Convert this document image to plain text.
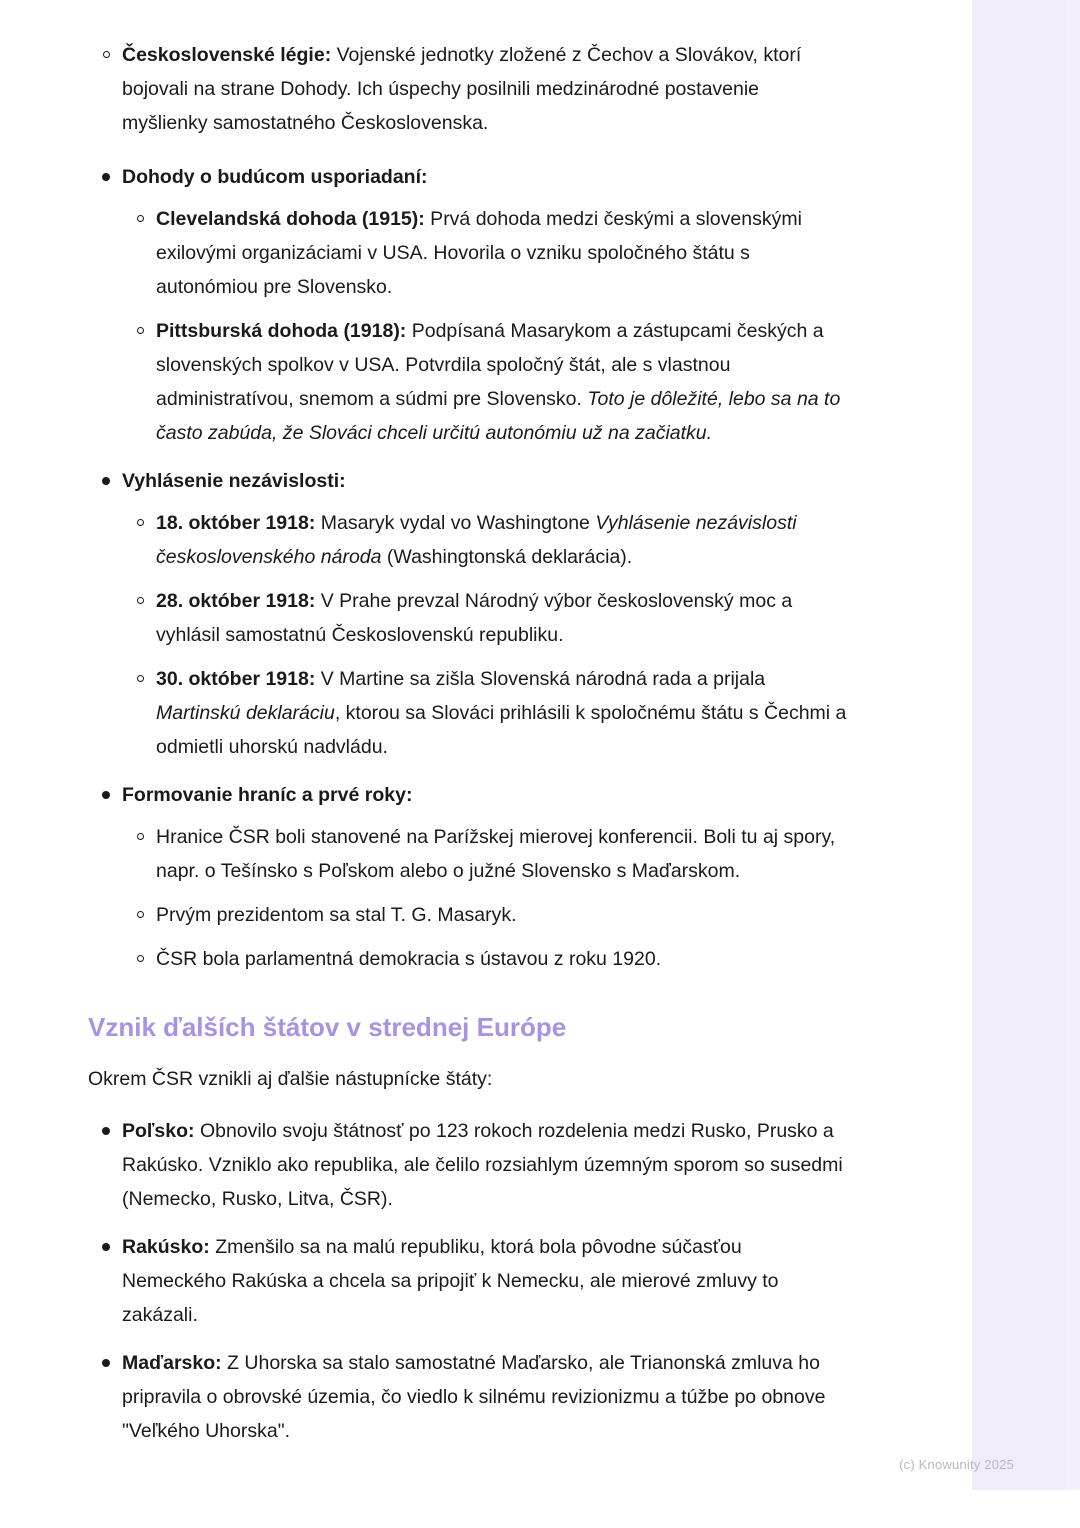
Československé légie: Vojenské jednotky zložené z Čechov a Slovákov, ktorí bojovali na strane Dohody. Ich úspechy posilnili medzinárodné postavenie myšlienky samostatného Československa.
Dohody o budúcom usporiadaní:
Clevelandská dohoda (1915): Prvá dohoda medzi českými a slovenskými exilovými organizáciami v USA. Hovorila o vzniku spoločného štátu s autonómiou pre Slovensko.
Pittsburská dohoda (1918): Podpísaná Masarykom a zástupcami českých a slovenských spolkov v USA. Potvrdila spoločný štát, ale s vlastnou administratívou, snemom a súdmi pre Slovensko. Toto je dôležité, lebo sa na to často zabúda, že Slováci chceli určitú autonómiu už na začiatku.
Vyhlásenie nezávislosti:
18. október 1918: Masaryk vydal vo Washingtone Vyhlásenie nezávislosti československého národa (Washingtonská deklarácia).
28. október 1918: V Prahe prevzal Národný výbor československý moc a vyhlásil samostatnú Československú republiku.
30. október 1918: V Martine sa zišla Slovenská národná rada a prijala Martinskú deklaráciu, ktorou sa Slováci prihlásili k spoločnému štátu s Čechmi a odmietli uhorskú nadvládu.
Formovanie hraníc a prvé roky:
Hranice ČSR boli stanovené na Parížskej mierovej konferencii. Boli tu aj spory, napr. o Tešínsko s Poľskom alebo o južné Slovensko s Maďarskom.
Prvým prezidentom sa stal T. G. Masaryk.
ČSR bola parlamentná demokracia s ústavou z roku 1920.
Vznik ďalších štátov v strednej Európe

Okrem ČSR vznikli aj ďalšie nástupnícke štáty:

Poľsko: Obnovilo svoju štátnosť po 123 rokoch rozdelenia medzi Rusko, Prusko a Rakúsko. Vzniklo ako republika, ale čelilo rozsiahlym územným sporom so susedmi (Nemecko, Rusko, Litva, ČSR).
Rakúsko: Zmenšilo sa na malú republiku, ktorá bola pôvodne súčasťou Nemeckého Rakúska a chcela sa pripojiť k Nemecku, ale mierové zmluvy to zakázali.
Maďarsko: Z Uhorska sa stalo samostatné Maďarsko, ale Trianonská zmluva ho pripravila o obrovské územia, čo viedlo k silnému revizionizmu a túžbe po obnove "Veľkého Uhorska".
(c) Knowunity 2025
